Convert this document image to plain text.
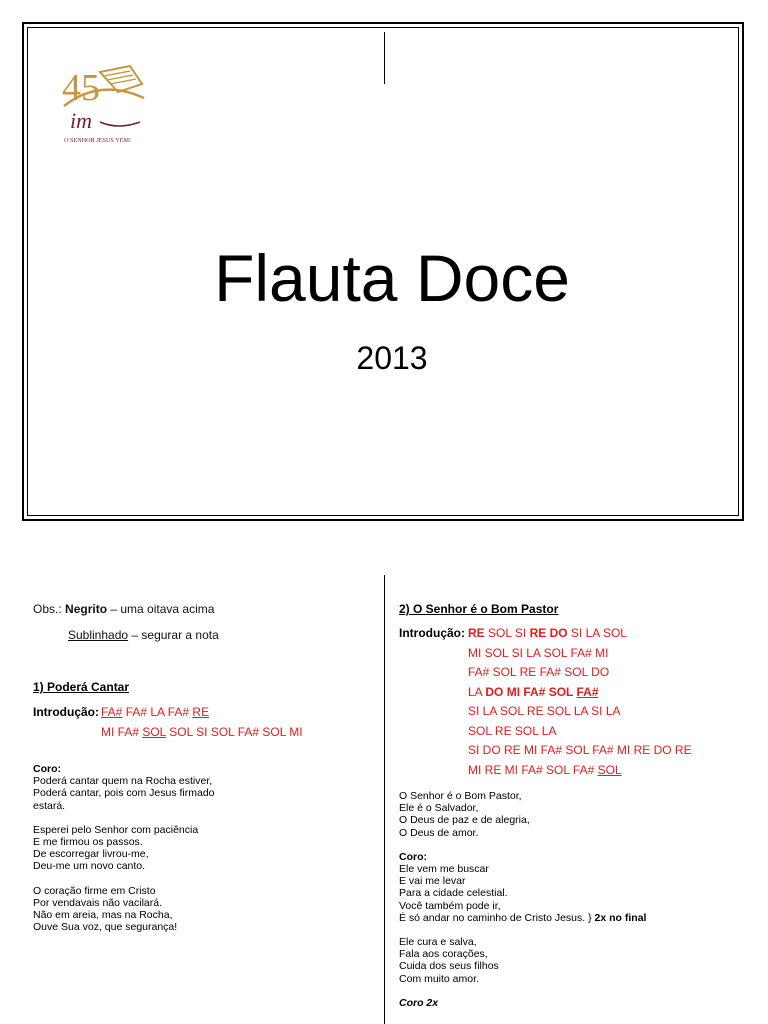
45
im
O SENHOR JESUS VEM!
Flauta Doce
2013
Obs.: Negrito – uma oitava acima
Sublinhado – segurar a nota
1) Poderá Cantar
Introdução: FA# FA# LA FA# RE
MI FA# SOL SOL SI SOL FA# SOL MI
Coro:
Poderá cantar quem na Rocha estiver,
Poderá cantar, pois com Jesus firmado
estará.
Esperei pelo Senhor com paciência
E me firmou os passos.
De escorregar livrou-me,
Deu-me um novo canto.
O coração firme em Cristo
Por vendavais não vacilará.
Não em areia, mas na Rocha,
Ouve Sua voz, que segurança!
2) O Senhor é o Bom Pastor
Introdução: RE SOL SI RE DO SI LA SOL
MI SOL SI LA SOL FA# MI
FA# SOL RE FA# SOL DO
LA DO MI FA# SOL FA#
SI LA SOL RE SOL LA SI LA
SOL RE SOL LA
SI DO RE MI FA# SOL FA# MI RE DO RE
MI RE MI FA# SOL FA# SOL
O Senhor é o Bom Pastor,
Ele é o Salvador,
O Deus de paz e de alegria,
O Deus de amor.
Coro:
Ele vem me buscar
E vai me levar
Para a cidade celestial.
Você também pode ir,
É só andar no caminho de Cristo Jesus. } 2x no final
Ele cura e salva,
Fala aos corações,
Cuida dos seus filhos
Com muito amor.
Coro 2x
